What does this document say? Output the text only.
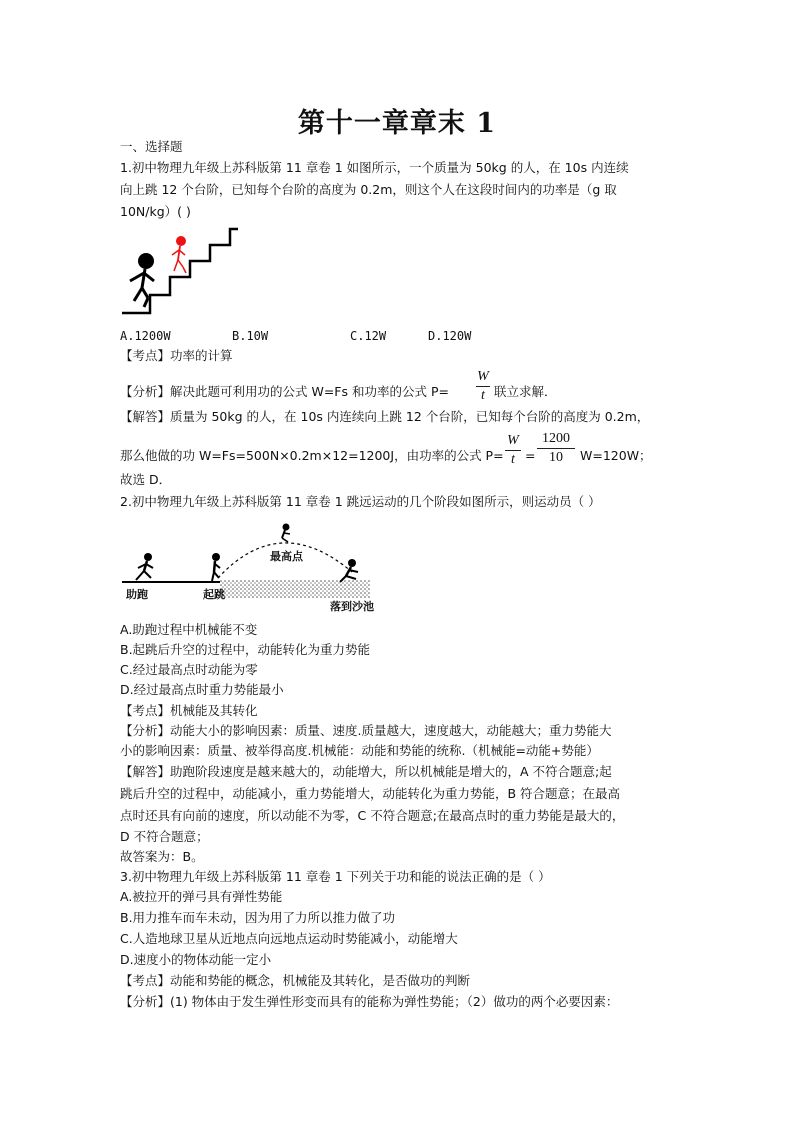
第十一章章末 1
一、选择题
1.初中物理九年级上苏科版第 11 章卷 1 如图所示，一个质量为 50kg 的人，在 10s 内连续
向上跳 12 个台阶，已知每个台阶的高度为 0.2m，则这个人在这段时间内的功率是（g 取
10N/kg）( )
A.1200W	B.10W	C.12W	D.120W
【考点】功率的计算
【分析】解决此题可利用功的公式 W=Fs 和功率的公式 P=
W
t 联立求解．
【解答】质量为 50kg 的人，在 10s 内连续向上跳 12 个台阶，已知每个台阶的高度为 0.2m，
那么他做的功 W=Fs=500N×0.2m×12=1200J，由功率的公式 P=
W
t =
1200
10	W=120W；
故选 D．
2.初中物理九年级上苏科版第 11 章卷 1 跳远运动的几个阶段如图所示，则运动员（ ）
助跑	起跳
最高点
落到沙池
A.助跑过程中机械能不变
B.起跳后升空的过程中，动能转化为重力势能
C.经过最高点时动能为零
D.经过最高点时重力势能最小
【考点】机械能及其转化
【分析】动能大小的影响因素：质量、速度.质量越大，速度越大，动能越大；重力势能大
小的影响因素：质量、被举得高度.机械能：动能和势能的统称.（机械能=动能+势能）
【解答】助跑阶段速度是越来越大的，动能增大，所以机械能是增大的，A 不符合题意;起
跳后升空的过程中，动能减小，重力势能增大，动能转化为重力势能，B 符合题意；在最高
点时还具有向前的速度，所以动能不为零，C 不符合题意;在最高点时的重力势能是最大的，
D 不符合题意；
故答案为：B。
3.初中物理九年级上苏科版第 11 章卷 1 下列关于功和能的说法正确的是（ ）
A.被拉开的弹弓具有弹性势能
B.用力推车而车未动，因为用了力所以推力做了功
C.人造地球卫星从近地点向远地点运动时势能减小，动能增大
D.速度小的物体动能一定小
【考点】动能和势能的概念，机械能及其转化，是否做功的判断
【分析】(1) 物体由于发生弹性形变而具有的能称为弹性势能；（2）做功的两个必要因素：
